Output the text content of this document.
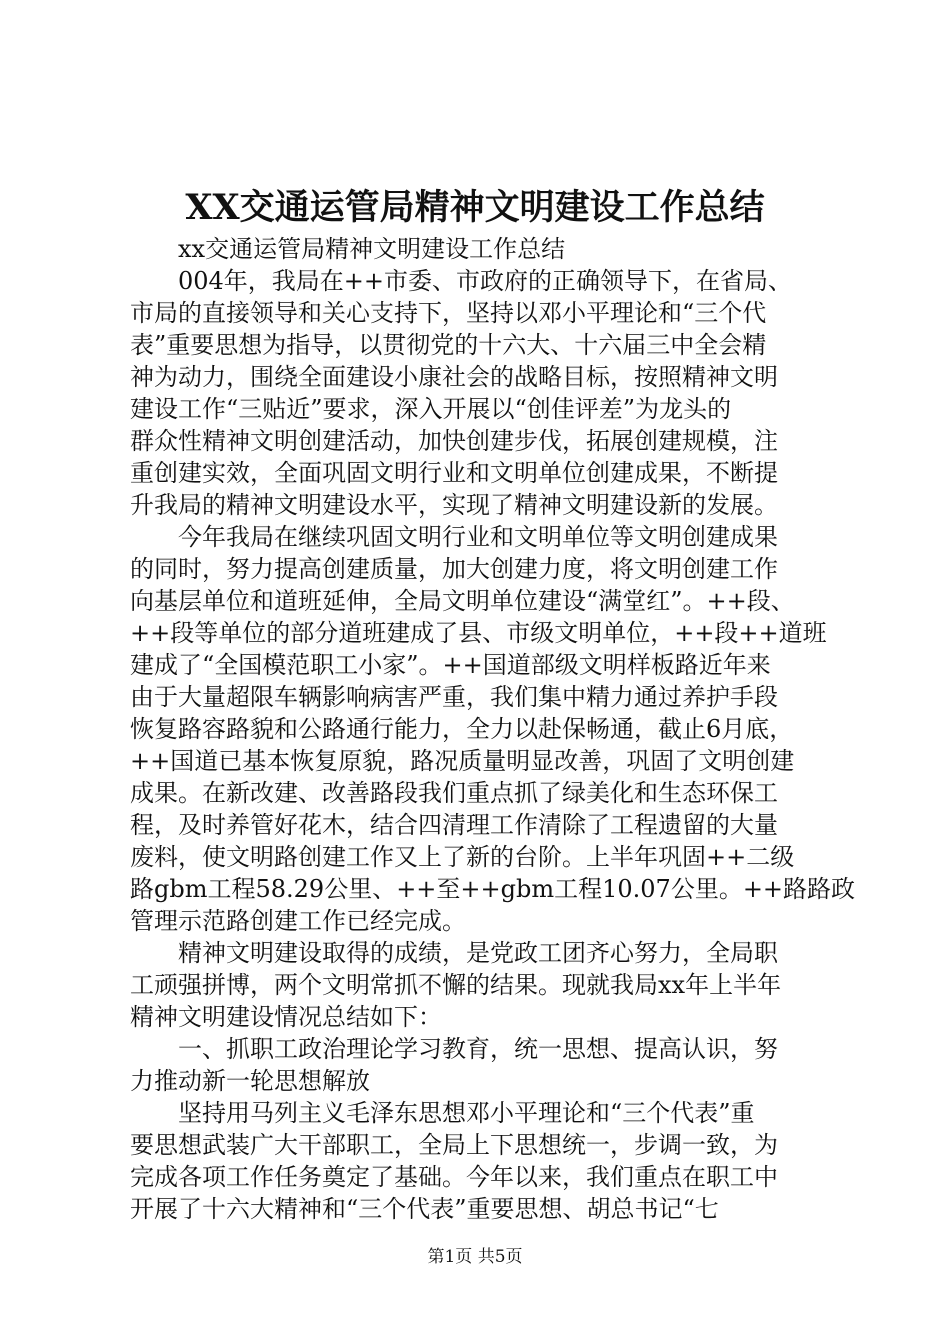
XX交通运管局精神文明建设工作总结
xx交通运管局精神文明建设工作总结
004年，我局在++市委、市政府的正确领导下，在省局、
市局的直接领导和关心支持下，坚持以邓小平理论和“三个代
表”重要思想为指导，以贯彻党的十六大、十六届三中全会精
神为动力，围绕全面建设小康社会的战略目标，按照精神文明
建设工作“三贴近”要求，深入开展以“创佳评差”为龙头的
群众性精神文明创建活动，加快创建步伐，拓展创建规模，注
重创建实效，全面巩固文明行业和文明单位创建成果，不断提
升我局的精神文明建设水平，实现了精神文明建设新的发展。
今年我局在继续巩固文明行业和文明单位等文明创建成果
的同时，努力提高创建质量，加大创建力度，将文明创建工作
向基层单位和道班延伸，全局文明单位建设“满堂红”。++段、
++段等单位的部分道班建成了县、市级文明单位，++段++道班
建成了“全国模范职工小家”。++国道部级文明样板路近年来
由于大量超限车辆影响病害严重，我们集中精力通过养护手段
恢复路容路貌和公路通行能力，全力以赴保畅通，截止6月底，
++国道已基本恢复原貌，路况质量明显改善，巩固了文明创建
成果。在新改建、改善路段我们重点抓了绿美化和生态环保工
程，及时养管好花木，结合四清理工作清除了工程遗留的大量
废料，使文明路创建工作又上了新的台阶。上半年巩固++二级
路gbm工程58.29公里、++至++gbm工程10.07公里。++路路政
管理示范路创建工作已经完成。
精神文明建设取得的成绩，是党政工团齐心努力，全局职
工顽强拼博，两个文明常抓不懈的结果。现就我局xx年上半年
精神文明建设情况总结如下：
一、抓职工政治理论学习教育，统一思想、提高认识，努
力推动新一轮思想解放
坚持用马列主义毛泽东思想邓小平理论和“三个代表”重
要思想武装广大干部职工，全局上下思想统一，步调一致，为
完成各项工作任务奠定了基础。今年以来，我们重点在职工中
开展了十六大精神和“三个代表”重要思想、胡总书记“七
第1页 共5页
